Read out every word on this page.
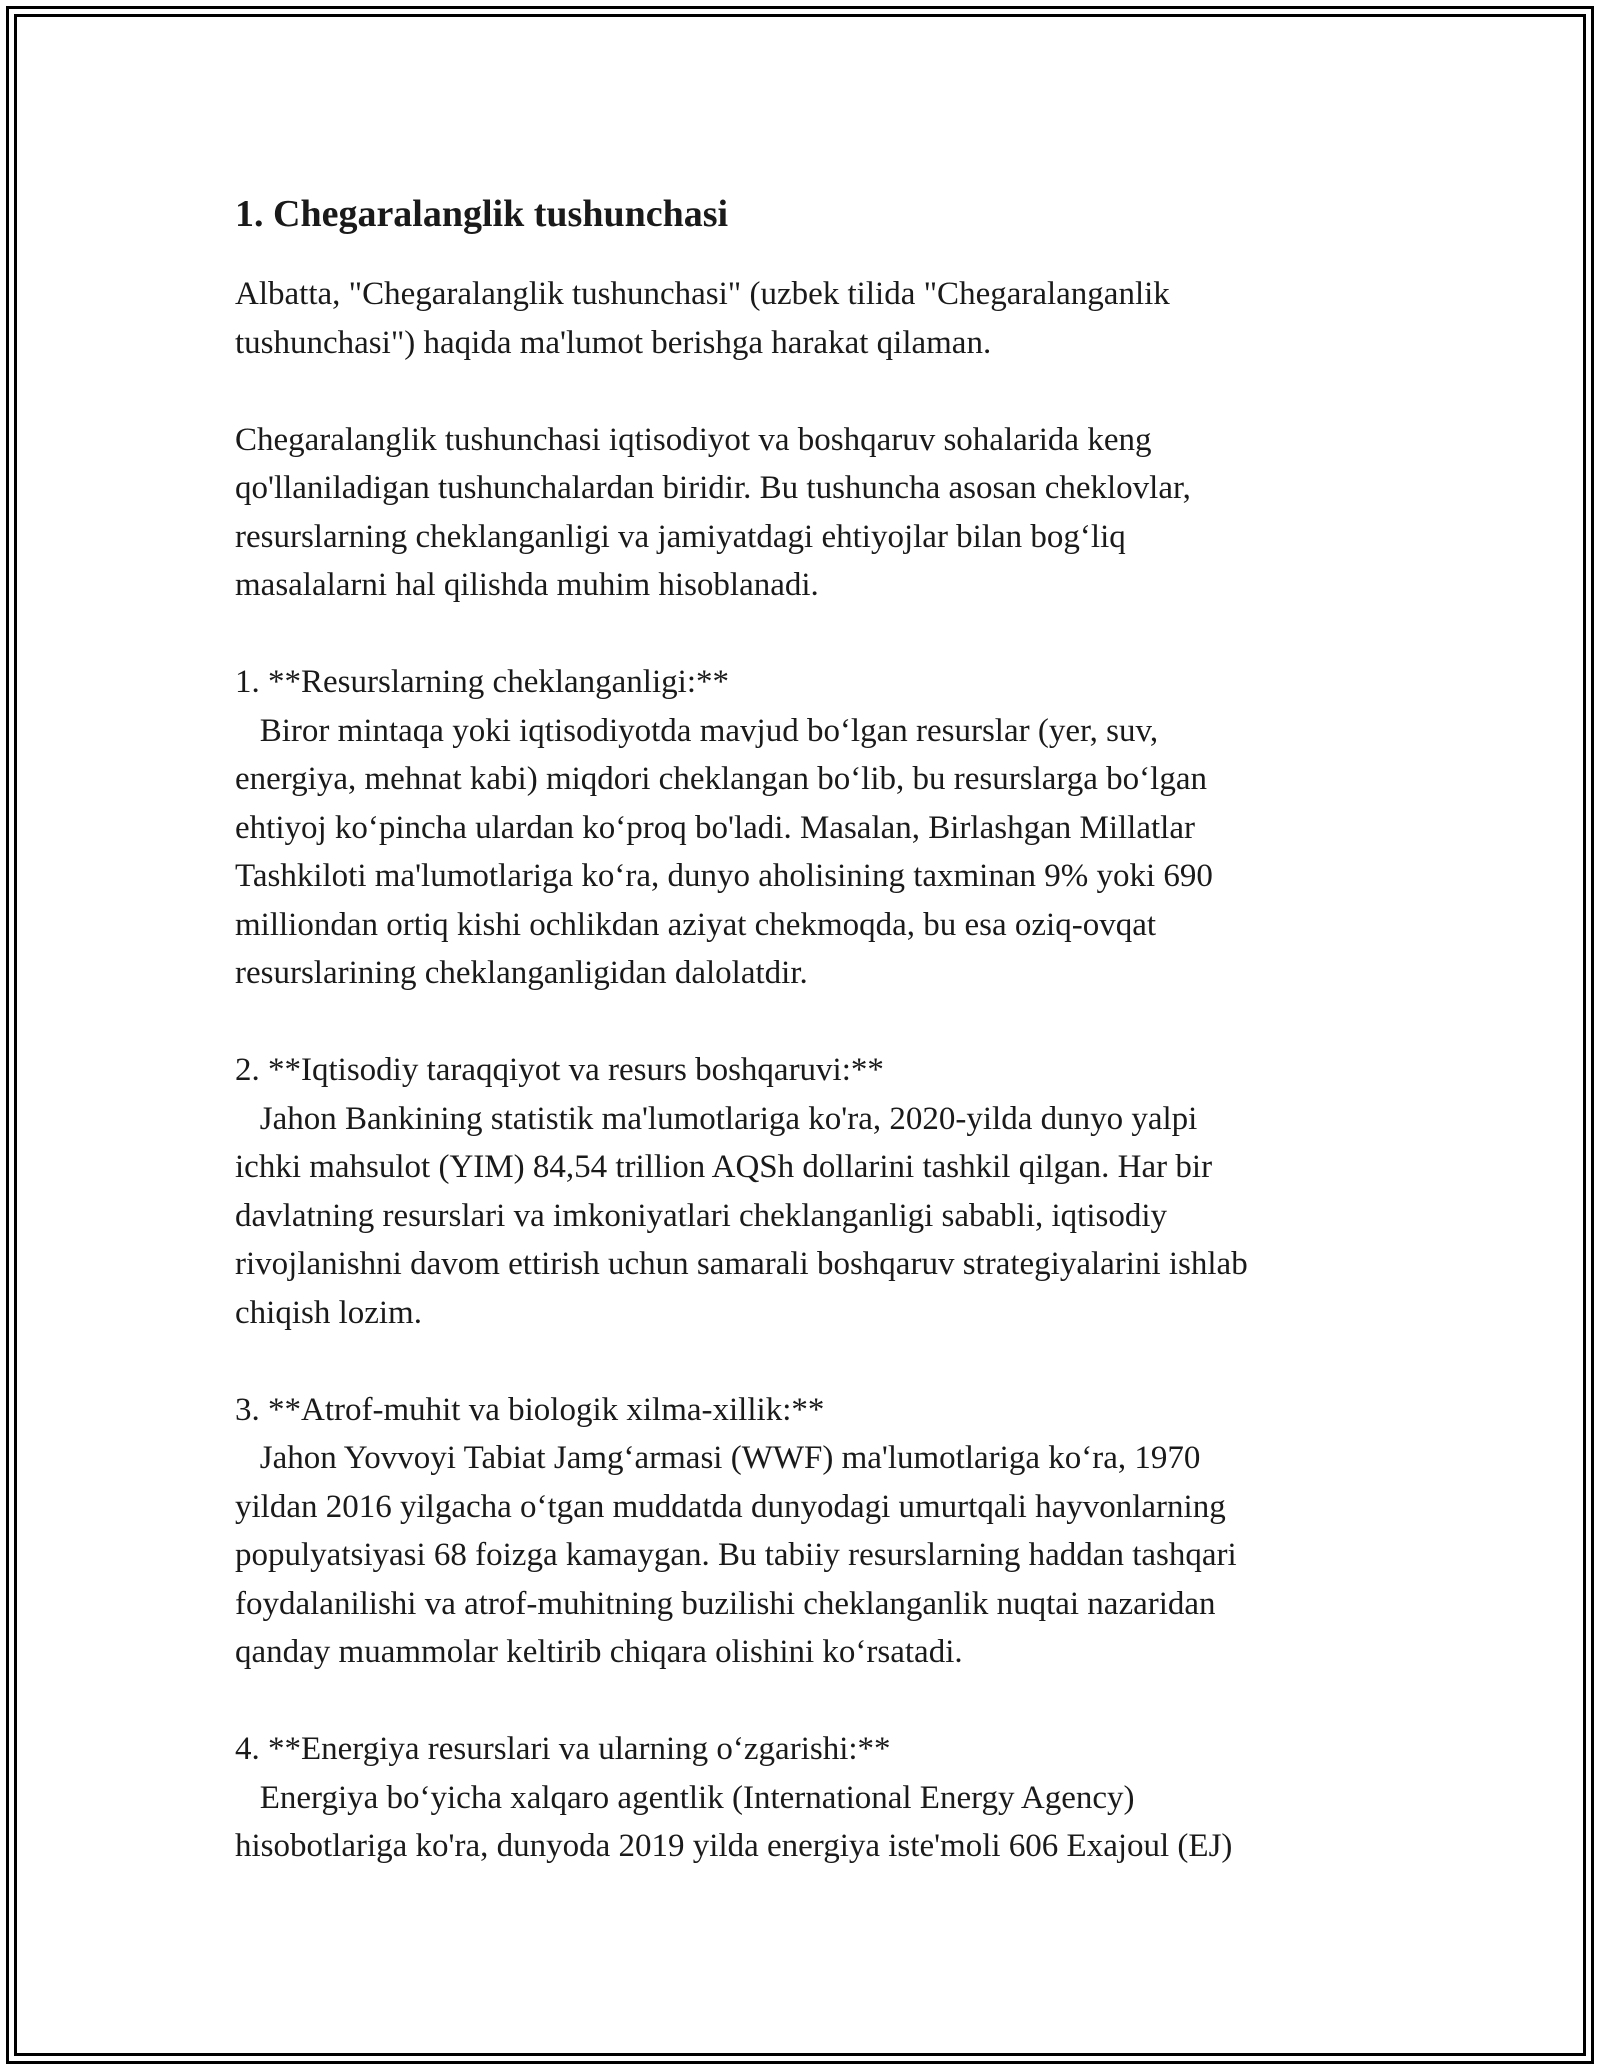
1. Chegaralanglik tushunchasi

Albatta, "Chegaralanglik tushunchasi" (uzbek tilida "Chegaralanganlik
tushunchasi") haqida ma'lumot berishga harakat qilaman.

Chegaralanglik tushunchasi iqtisodiyot va boshqaruv sohalarida keng
qo'llaniladigan tushunchalardan biridir. Bu tushuncha asosan cheklovlar,
resurslarning cheklanganligi va jamiyatdagi ehtiyojlar bilan bog‘liq
masalalarni hal qilishda muhim hisoblanadi.

1. **Resurslarning cheklanganligi:**
Biror mintaqa yoki iqtisodiyotda mavjud bo‘lgan resurslar (yer, suv,
energiya, mehnat kabi) miqdori cheklangan bo‘lib, bu resurslarga bo‘lgan
ehtiyoj ko‘pincha ulardan ko‘proq bo'ladi. Masalan, Birlashgan Millatlar
Tashkiloti ma'lumotlariga ko‘ra, dunyo aholisining taxminan 9% yoki 690
milliondan ortiq kishi ochlikdan aziyat chekmoqda, bu esa oziq-ovqat
resurslarining cheklanganligidan dalolatdir.

2. **Iqtisodiy taraqqiyot va resurs boshqaruvi:**
Jahon Bankining statistik ma'lumotlariga ko'ra, 2020-yilda dunyo yalpi
ichki mahsulot (YIM) 84,54 trillion AQSh dollarini tashkil qilgan. Har bir
davlatning resurslari va imkoniyatlari cheklanganligi sababli, iqtisodiy
rivojlanishni davom ettirish uchun samarali boshqaruv strategiyalarini ishlab
chiqish lozim.

3. **Atrof-muhit va biologik xilma-xillik:**
Jahon Yovvoyi Tabiat Jamg‘armasi (WWF) ma'lumotlariga ko‘ra, 1970
yildan 2016 yilgacha o‘tgan muddatda dunyodagi umurtqali hayvonlarning
populyatsiyasi 68 foizga kamaygan. Bu tabiiy resurslarning haddan tashqari
foydalanilishi va atrof-muhitning buzilishi cheklanganlik nuqtai nazaridan
qanday muammolar keltirib chiqara olishini ko‘rsatadi.

4. **Energiya resurslari va ularning o‘zgarishi:**
Energiya bo‘yicha xalqaro agentlik (International Energy Agency)
hisobotlariga ko'ra, dunyoda 2019 yilda energiya iste'moli 606 Exajoul (EJ)
